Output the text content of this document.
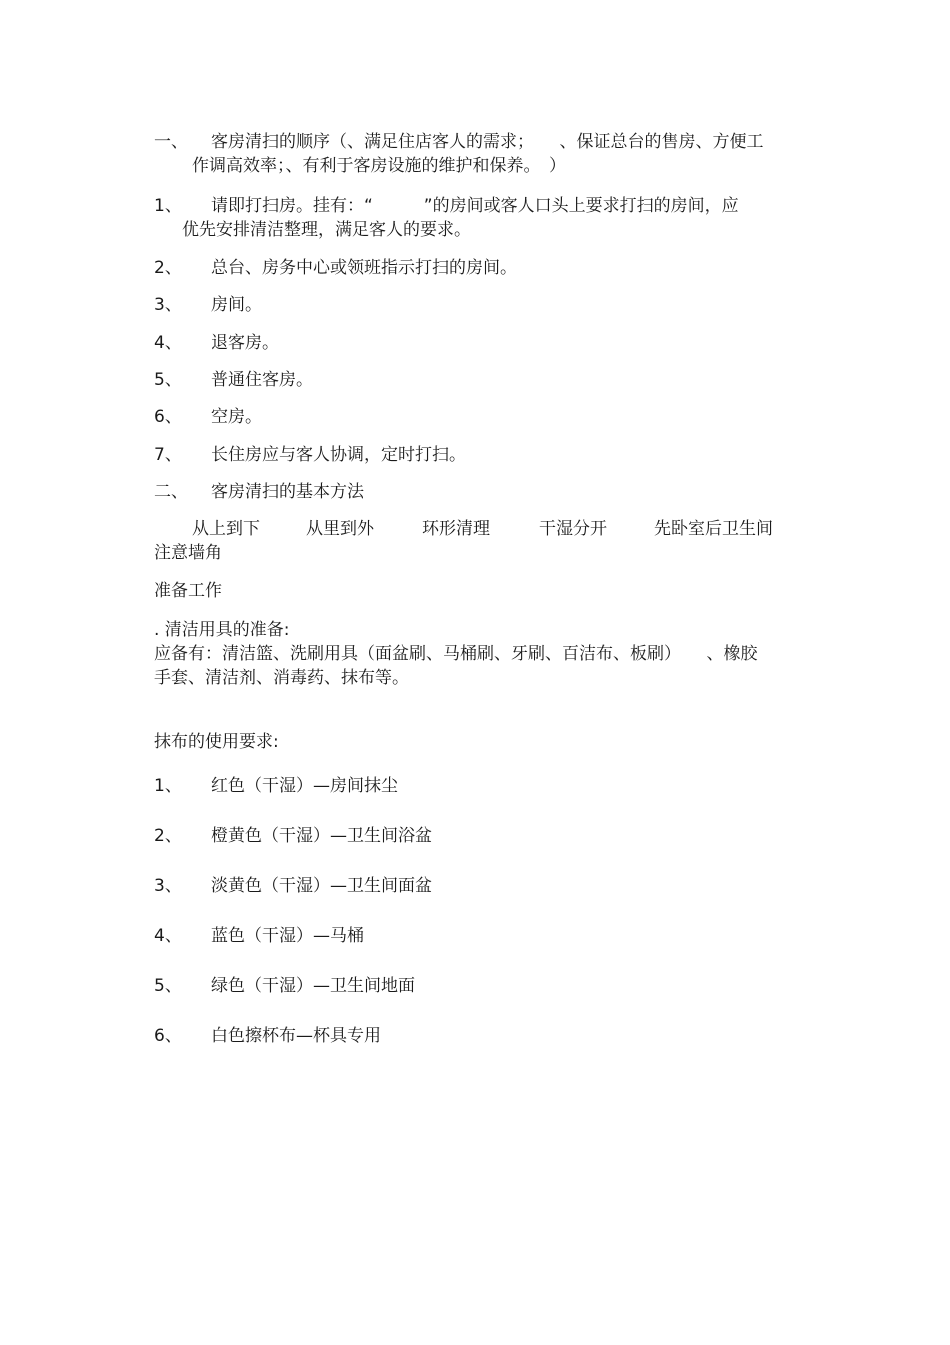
一、 客房清扫的顺序（、满足住店客人的需求；　　、保证总台的售房、方便工
作调高效率；、有利于客房设施的维护和保养。　）
1、 请即打扫房。挂有：“　　　”的房间或客人口头上要求打扫的房间，应
优先安排清洁整理，满足客人的要求。
2、 总台、房务中心或领班指示打扫的房间。
3、 房间。
4、 退客房。
5、 普通住客房。
6、 空房。
7、 长住房应与客人协调，定时打扫。
二、 客房清扫的基本方法
从上到下	从里到外	环形清理	干湿分开	先卧室后卫生间
注意墙角
准备工作
. 清洁用具的准备:
应备有：清洁篮、洗刷用具（面盆刷、马桶刷、牙刷、百洁布、板刷）　　、橡胶
手套、清洁剂、消毒药、抹布等。
抹布的使用要求:
1、 红色（干湿）—房间抹尘
2、 橙黄色（干湿）—卫生间浴盆
3、 淡黄色（干湿）—卫生间面盆
4、 蓝色（干湿）—马桶
5、 绿色（干湿）—卫生间地面
6、 白色擦杯布—杯具专用
